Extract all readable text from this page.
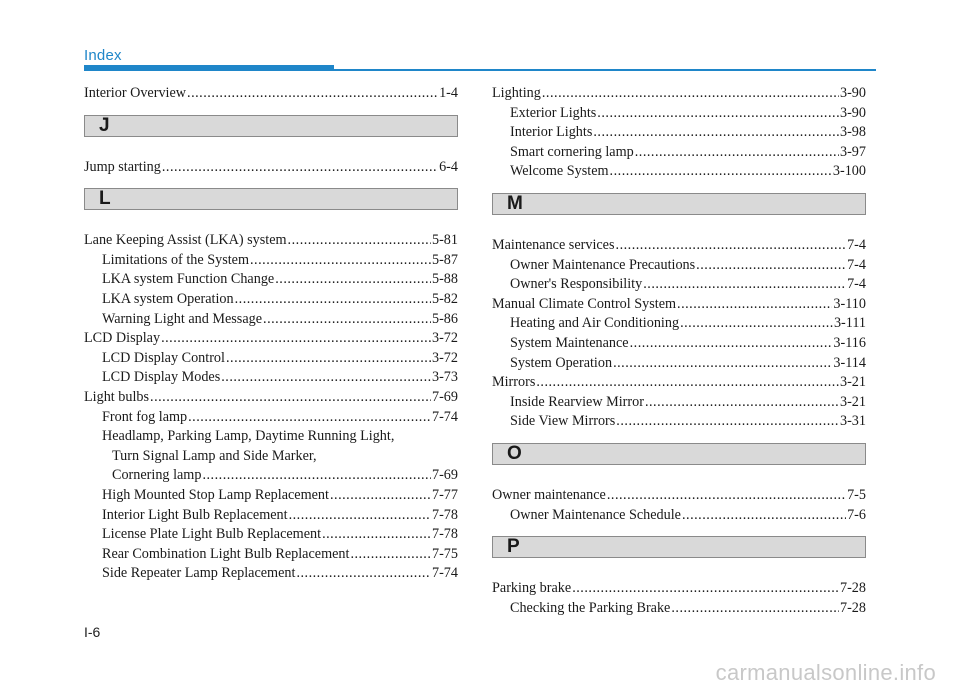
Index
Interior Overview .....	1-4
J
Jump starting .....	6-4
L
Lane Keeping Assist (LKA) system .....	5-81
Limitations of the System .....	5-87
LKA system Function Change .....	5-88
LKA system Operation .....	5-82
Warning Light and Message .....	5-86
LCD Display .....	3-72
LCD Display Control .....	3-72
LCD Display Modes .....	3-73
Light bulbs .....	7-69
Front fog lamp .....	7-74
Headlamp, Parking Lamp, Daytime Running Light,
Turn Signal Lamp and Side Marker,
Cornering lamp .....	7-69
High Mounted Stop Lamp Replacement .....	7-77
Interior Light Bulb Replacement .....	7-78
License Plate Light Bulb Replacement .....	7-78
Rear Combination Light Bulb Replacement .....	7-75
Side Repeater Lamp Replacement .....	7-74
Lighting .....	3-90
Exterior Lights .....	3-90
Interior Lights .....	3-98
Smart cornering lamp .....	3-97
Welcome System .....	3-100
M
Maintenance services .....	7-4
Owner Maintenance Precautions .....	7-4
Owner's Responsibility .....	7-4
Manual Climate Control System .....	3-110
Heating and Air Conditioning .....	3-111
System Maintenance .....	3-116
System Operation .....	3-114
Mirrors .....	3-21
Inside Rearview Mirror .....	3-21
Side View Mirrors .....	3-31
O
Owner maintenance .....	7-5
Owner Maintenance Schedule .....	7-6
P
Parking brake .....	7-28
Checking the Parking Brake .....	7-28
I-6
carmanualsonline.info
